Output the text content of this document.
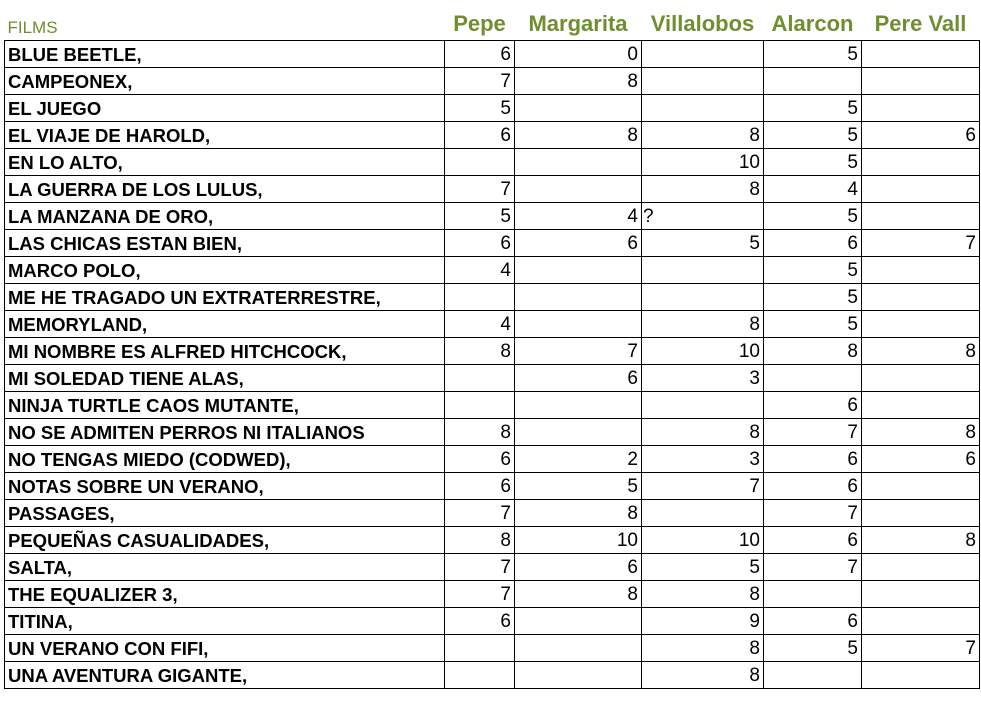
FILMS	Pepe	Margarita	Villalobos	Alarcon	Pere Vall
BLUE BEETLE,	6	0		5	
CAMPEONEX,	7	8			
EL JUEGO	5			5	
EL VIAJE DE HAROLD,	6	8	8	5	6
EN LO ALTO,			10	5	
LA GUERRA DE LOS LULUS,	7		8	4	
LA MANZANA DE ORO,	5	4 ?		5	
LAS CHICAS ESTAN BIEN,	6	6	5	6	7
MARCO POLO,	4			5	
ME HE TRAGADO UN EXTRATERRESTRE,				5	
MEMORYLAND,	4		8	5	
MI NOMBRE ES ALFRED HITCHCOCK,	8	7	10	8	8
MI SOLEDAD TIENE ALAS,		6	3		
NINJA TURTLE CAOS MUTANTE,				6	
NO SE ADMITEN PERROS NI ITALIANOS	8		8	7	8
NO TENGAS MIEDO (CODWED),	6	2	3	6	6
NOTAS SOBRE UN VERANO,	6	5	7	6	
PASSAGES,	7	8		7	
PEQUEÑAS CASUALIDADES,	8	10	10	6	8
SALTA,	7	6	5	7	
THE EQUALIZER 3,	7	8	8		
TITINA,	6		9	6	
UN VERANO CON FIFI,			8	5	7
UNA AVENTURA GIGANTE,			8		
